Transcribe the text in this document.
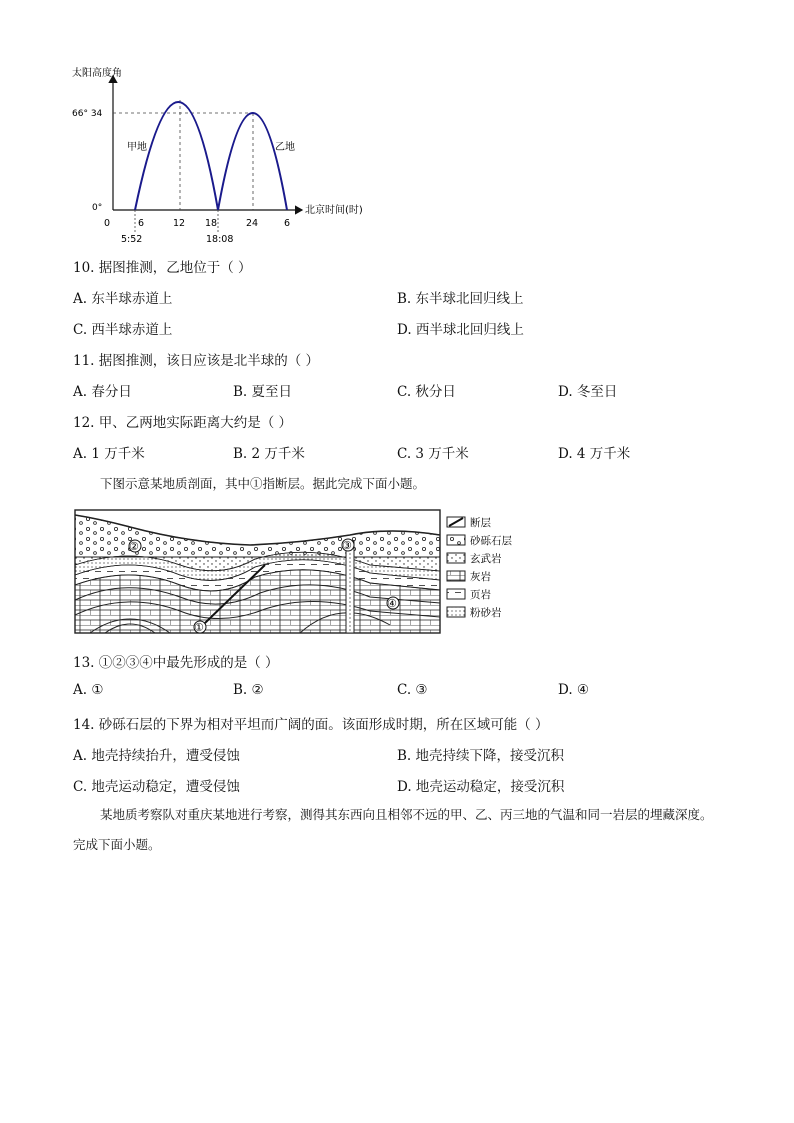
太阳高度角
北京时间(时)
66° 34
0°
甲地	乙地
0	6	12 18	24	6
5:52	18:08
10. 据图推测，乙地位于（ ）
A. 东半球赤道上	B. 东半球北回归线上
C. 西半球赤道上	D. 西半球北回归线上
11. 据图推测，该日应该是北半球的（ ）
A. 春分日	B. 夏至日	C. 秋分日	D. 冬至日
12. 甲、乙两地实际距离大约是（ ）
A. 1 万千米	B. 2 万千米	C. 3 万千米	D. 4 万千米
下图示意某地质剖面，其中①指断层。据此完成下面小题。
①
②	③
④
断层
砂砾石层
玄武岩
灰岩
页岩
粉砂岩
13. ①②③④中最先形成的是（ ）
A. ①	B. ②	C. ③	D. ④
14. 砂砾石层的下界为相对平坦而广阔的面。该面形成时期，所在区域可能（ ）
A. 地壳持续抬升，遭受侵蚀	B. 地壳持续下降，接受沉积
C. 地壳运动稳定，遭受侵蚀	D. 地壳运动稳定，接受沉积
某地质考察队对重庆某地进行考察，测得其东西向且相邻不远的甲、乙、丙三地的气温和同一岩层的埋藏深度。完成下面小题。
